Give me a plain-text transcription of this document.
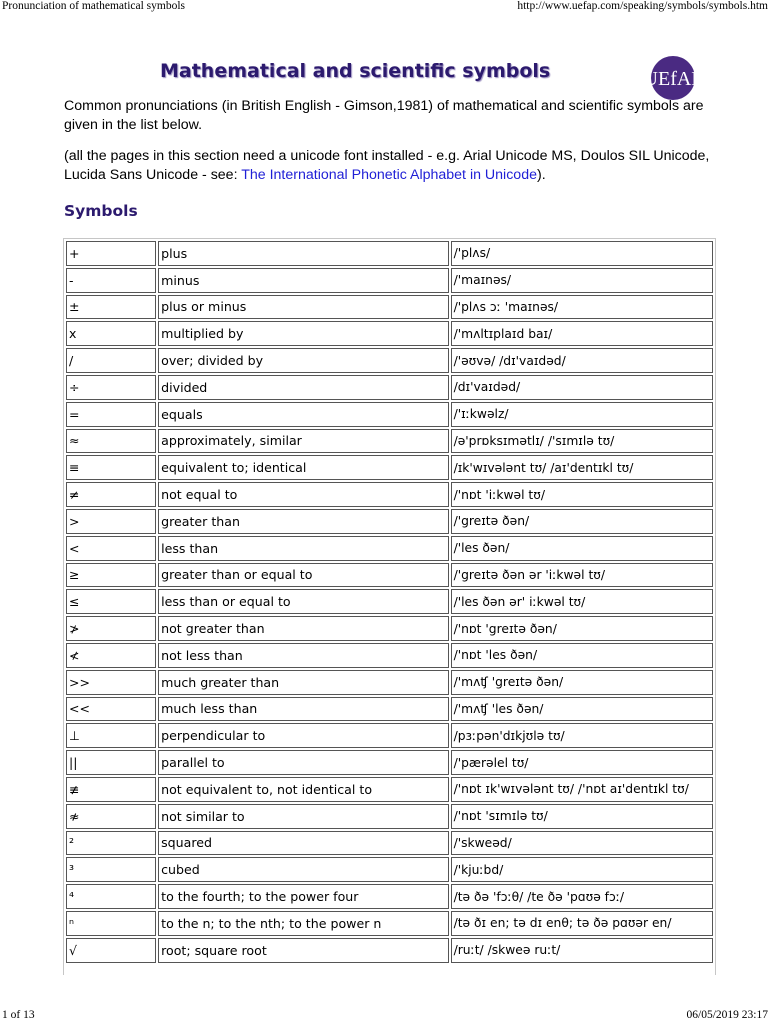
Pronunciation of mathematical symbols	http://www.uefap.com/speaking/symbols/symbols.htm
Mathematical and scientific symbols	UEfAP
Common pronunciations (in British English - Gimson,1981) of mathematical and scientific symbols are given in the list below.
(all the pages in this section need a unicode font installed - e.g. Arial Unicode MS, Doulos SIL Unicode, Lucida Sans Unicode - see: The International Phonetic Alphabet in Unicode).
Symbols
+	plus	/'plʌs/
-	minus	/'maɪnəs/
±	plus or minus	/'plʌs ɔː 'maɪnəs/
x	multiplied by	/'mʌltɪplaɪd baɪ/
/	over; divided by	/'əʊvə/ /dɪ'vaɪdəd/
÷	divided	/dɪ'vaɪdəd/
=	equals	/'ɪːkwəlz/
≈	approximately, similar	/ə'prɒksɪmətlɪ/ /'sɪmɪlə tʊ/
≡	equivalent to; identical	/ɪk'wɪvələnt tʊ/ /aɪ'dentɪkl tʊ/
≠	not equal to	/'nɒt 'iːkwəl tʊ/
>	greater than	/'greɪtə ðən/
<	less than	/'les ðən/
≥	greater than or equal to	/'greɪtə ðən ər 'iːkwəl tʊ/
≤	less than or equal to	/'les ðən ər' iːkwəl tʊ/
≯	not greater than	/'nɒt 'greɪtə ðən/
≮	not less than	/'nɒt 'les ðən/
>>	much greater than	/'mʌʧ 'greɪtə ðən/
<<	much less than	/'mʌʧ 'les ðən/
⊥	perpendicular to	/pɜːpən'dɪkjʊlə tʊ/
||	parallel to	/'pærəlel tʊ/
≢	not equivalent to, not identical to	/'nɒt ɪk'wɪvələnt tʊ/ /'nɒt aɪ'dentɪkl tʊ/
≉	not similar to	/'nɒt 'sɪmɪlə tʊ/
²	squared	/'skweəd/
³	cubed	/'kjuːbd/
⁴	to the fourth; to the power four	/tə ðə 'fɔːθ/ /te ðə 'pɑʊə fɔː/
ⁿ	to the n; to the nth; to the power n	/tə ðɪ en; tə dɪ enθ; tə ðə pɑʊər en/
√	root; square root	/ruːt/ /skweə ruːt/
1 of 13	06/05/2019 23:17
